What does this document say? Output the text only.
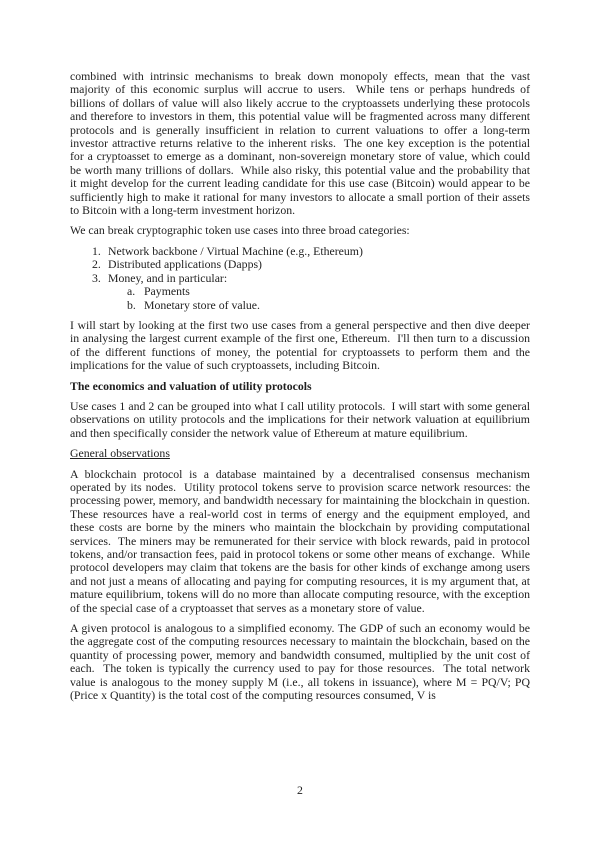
combined with intrinsic mechanisms to break down monopoly effects, mean that the vast majority of this economic surplus will accrue to users.  While tens or perhaps hundreds of billions of dollars of value will also likely accrue to the cryptoassets underlying these protocols and therefore to investors in them, this potential value will be fragmented across many different protocols and is generally insufficient in relation to current valuations to offer a long-term investor attractive returns relative to the inherent risks.  The one key exception is the potential for a cryptoasset to emerge as a dominant, non-sovereign monetary store of value, which could be worth many trillions of dollars.  While also risky, this potential value and the probability that it might develop for the current leading candidate for this use case (Bitcoin) would appear to be sufficiently high to make it rational for many investors to allocate a small portion of their assets to Bitcoin with a long-term investment horizon.

We can break cryptographic token use cases into three broad categories:

1. Network backbone / Virtual Machine (e.g., Ethereum)
2. Distributed applications (Dapps)
3. Money, and in particular:
a. Payments
b. Monetary store of value.

I will start by looking at the first two use cases from a general perspective and then dive deeper in analysing the largest current example of the first one, Ethereum.  I'll then turn to a discussion of the different functions of money, the potential for cryptoassets to perform them and the implications for the value of such cryptoassets, including Bitcoin.

The economics and valuation of utility protocols

Use cases 1 and 2 can be grouped into what I call utility protocols.  I will start with some general observations on utility protocols and the implications for their network valuation at equilibrium and then specifically consider the network value of Ethereum at mature equilibrium.

General observations

A blockchain protocol is a database maintained by a decentralised consensus mechanism operated by its nodes.  Utility protocol tokens serve to provision scarce network resources: the processing power, memory, and bandwidth necessary for maintaining the blockchain in question.  These resources have a real-world cost in terms of energy and the equipment employed, and these costs are borne by the miners who maintain the blockchain by providing computational services.  The miners may be remunerated for their service with block rewards, paid in protocol tokens, and/or transaction fees, paid in protocol tokens or some other means of exchange.  While protocol developers may claim that tokens are the basis for other kinds of exchange among users and not just a means of allocating and paying for computing resources, it is my argument that, at mature equilibrium, tokens will do no more than allocate computing resource, with the exception of the special case of a cryptoasset that serves as a monetary store of value.

A given protocol is analogous to a simplified economy. The GDP of such an economy would be the aggregate cost of the computing resources necessary to maintain the blockchain, based on the quantity of processing power, memory and bandwidth consumed, multiplied by the unit cost of each.  The token is typically the currency used to pay for those resources.  The total network value is analogous to the money supply M (i.e., all tokens in issuance), where M = PQ/V; PQ (Price x Quantity) is the total cost of the computing resources consumed, V is

2
